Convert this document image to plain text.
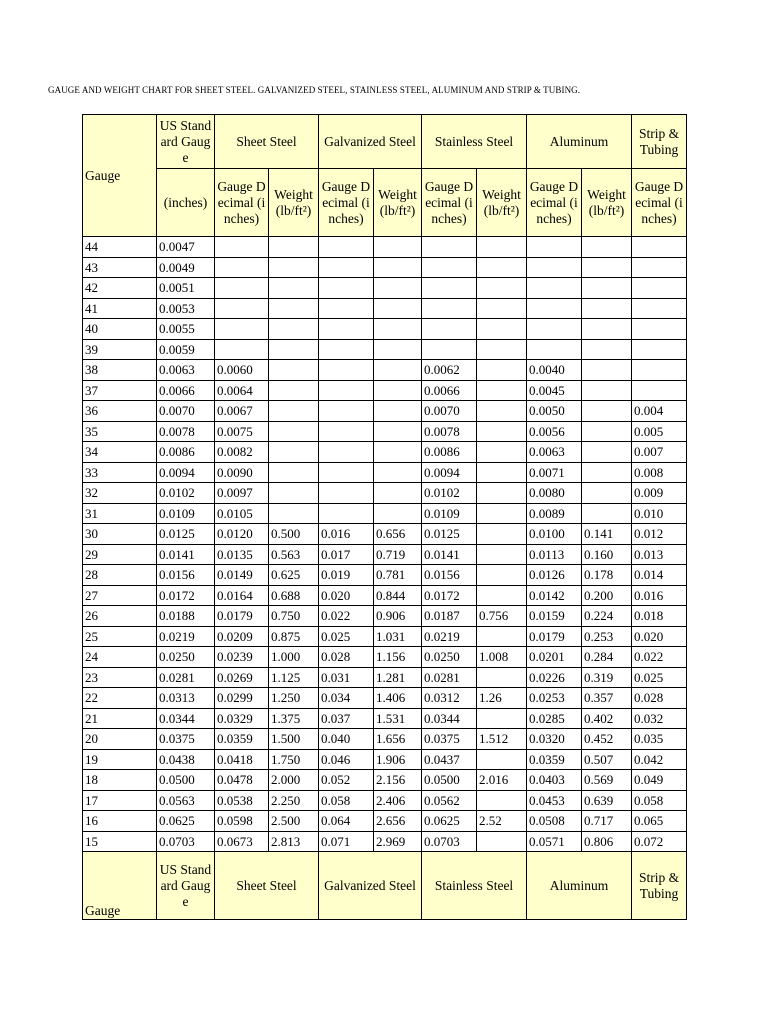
GAUGE AND WEIGHT CHART FOR SHEET STEEL. GALVANIZED STEEL, STAINLESS STEEL, ALUMINUM AND STRIP & TUBING.
Gauge	US Standard Gauge	Sheet Steel		Galvanized Steel		Stainless Steel		Aluminum		Strip & Tubing
	(inches)	Gauge Decimal (inches)	Weight (lb/ft²)	Gauge Decimal (inches)	Weight (lb/ft²)	Gauge Decimal (inches)	Weight (lb/ft²)	Gauge Decimal (inches)	Weight (lb/ft²)	Gauge Decimal (inches)
44	0.0047									
43	0.0049									
42	0.0051									
41	0.0053									
40	0.0055									
39	0.0059									
38	0.0063	0.0060				0.0062		0.0040		
37	0.0066	0.0064				0.0066		0.0045		
36	0.0070	0.0067				0.0070		0.0050		0.004
35	0.0078	0.0075				0.0078		0.0056		0.005
34	0.0086	0.0082				0.0086		0.0063		0.007
33	0.0094	0.0090				0.0094		0.0071		0.008
32	0.0102	0.0097				0.0102		0.0080		0.009
31	0.0109	0.0105				0.0109		0.0089		0.010
30	0.0125	0.0120	0.500	0.016	0.656	0.0125		0.0100	0.141	0.012
29	0.0141	0.0135	0.563	0.017	0.719	0.0141		0.0113	0.160	0.013
28	0.0156	0.0149	0.625	0.019	0.781	0.0156		0.0126	0.178	0.014
27	0.0172	0.0164	0.688	0.020	0.844	0.0172		0.0142	0.200	0.016
26	0.0188	0.0179	0.750	0.022	0.906	0.0187	0.756	0.0159	0.224	0.018
25	0.0219	0.0209	0.875	0.025	1.031	0.0219		0.0179	0.253	0.020
24	0.0250	0.0239	1.000	0.028	1.156	0.0250	1.008	0.0201	0.284	0.022
23	0.0281	0.0269	1.125	0.031	1.281	0.0281		0.0226	0.319	0.025
22	0.0313	0.0299	1.250	0.034	1.406	0.0312	1.26	0.0253	0.357	0.028
21	0.0344	0.0329	1.375	0.037	1.531	0.0344		0.0285	0.402	0.032
20	0.0375	0.0359	1.500	0.040	1.656	0.0375	1.512	0.0320	0.452	0.035
19	0.0438	0.0418	1.750	0.046	1.906	0.0437		0.0359	0.507	0.042
18	0.0500	0.0478	2.000	0.052	2.156	0.0500	2.016	0.0403	0.569	0.049
17	0.0563	0.0538	2.250	0.058	2.406	0.0562		0.0453	0.639	0.058
16	0.0625	0.0598	2.500	0.064	2.656	0.0625	2.52	0.0508	0.717	0.065
15	0.0703	0.0673	2.813	0.071	2.969	0.0703		0.0571	0.806	0.072
Gauge	US Standard Gauge	Sheet Steel		Galvanized Steel		Stainless Steel		Aluminum		Strip & Tubing
